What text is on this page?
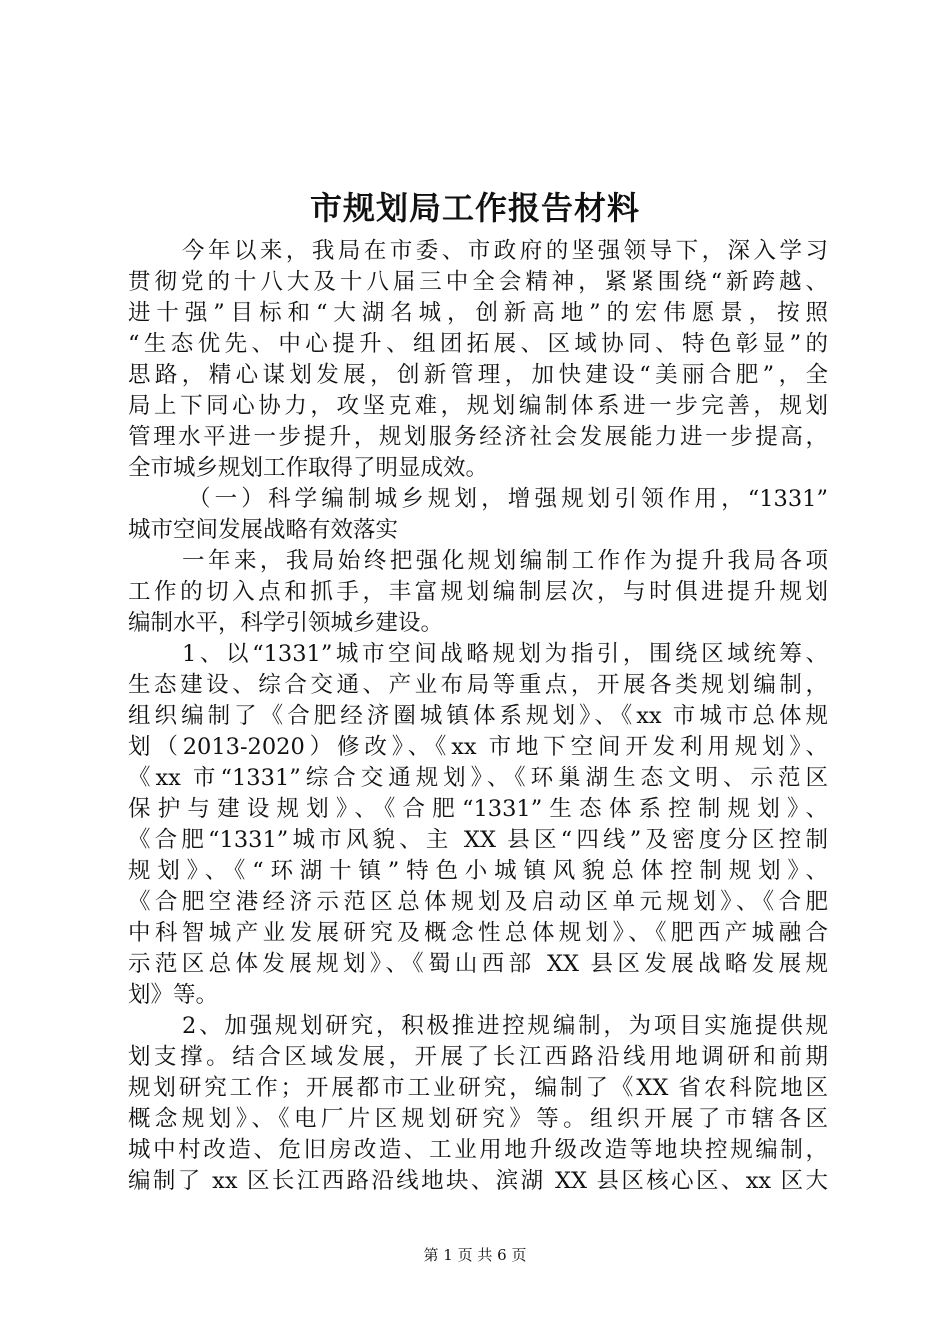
市规划局工作报告材料
今年以来，我局在市委、市政府的坚强领导下，深入学习
贯彻党的十八大及十八届三中全会精神，紧紧围绕“新跨越、
进十强”目标和“大湖名城，创新高地”的宏伟愿景，按照
“生态优先、中心提升、组团拓展、区域协同、特色彰显”的
思路，精心谋划发展，创新管理，加快建设“美丽合肥”，全
局上下同心协力，攻坚克难，规划编制体系进一步完善，规划
管理水平进一步提升，规划服务经济社会发展能力进一步提高，
全市城乡规划工作取得了明显成效。
（一）科学编制城乡规划，增强规划引领作用，“1331”
城市空间发展战略有效落实
一年来，我局始终把强化规划编制工作作为提升我局各项
工作的切入点和抓手，丰富规划编制层次，与时俱进提升规划
编制水平，科学引领城乡建设。
1、以“1331”城市空间战略规划为指引，围绕区域统筹、
生态建设、综合交通、产业布局等重点，开展各类规划编制，
组织编制了《合肥经济圈城镇体系规划》、《xx 市城市总体规
划（2013-2020）修改》、《xx 市地下空间开发利用规划》、
《xx 市“1331”综合交通规划》、《环巢湖生态文明、示范区
保护与建设规划》、《合肥“1331”生态体系控制规划》、
《合肥“1331”城市风貌、主 XX 县区“四线”及密度分区控制
规划》、《“环湖十镇”特色小城镇风貌总体控制规划》、
《合肥空港经济示范区总体规划及启动区单元规划》、《合肥
中科智城产业发展研究及概念性总体规划》、《肥西产城融合
示范区总体发展规划》、《蜀山西部 XX 县区发展战略发展规
划》等。
2、加强规划研究，积极推进控规编制，为项目实施提供规
划支撑。结合区域发展，开展了长江西路沿线用地调研和前期
规划研究工作；开展都市工业研究，编制了《XX 省农科院地区
概念规划》、《电厂片区规划研究》等。组织开展了市辖各区
城中村改造、危旧房改造、工业用地升级改造等地块控规编制，
编制了 xx 区长江西路沿线地块、滨湖 XX 县区核心区、xx 区大
第 1 页 共 6 页
